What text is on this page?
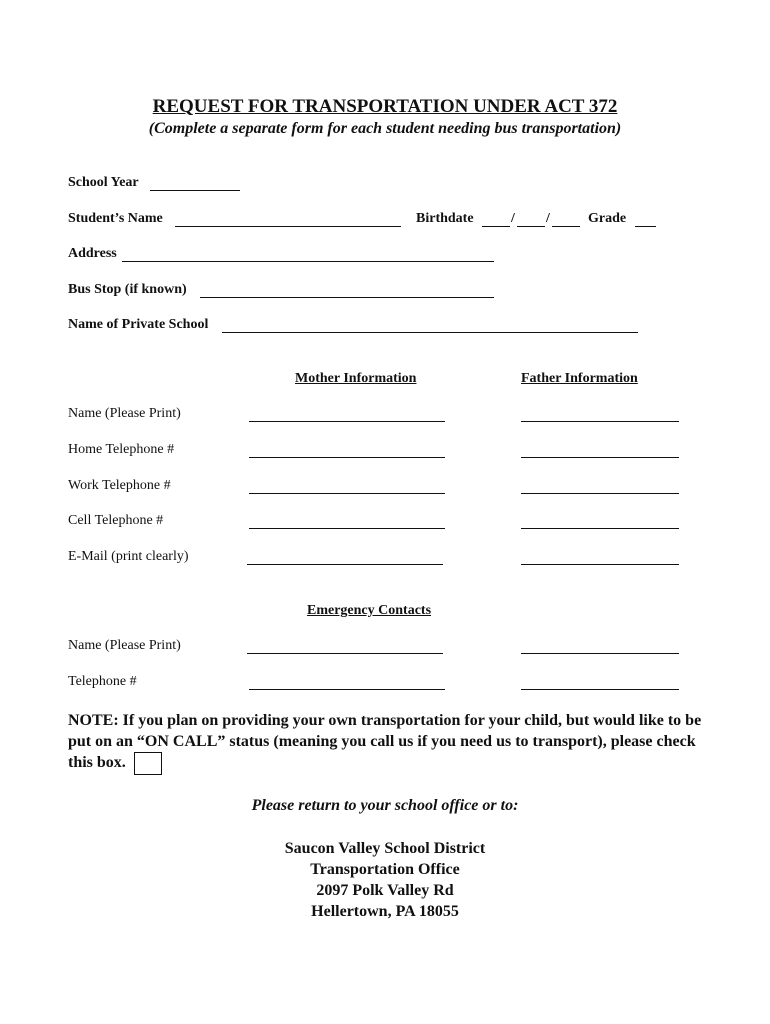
REQUEST FOR TRANSPORTATION UNDER ACT 372
(Complete a separate form for each student needing bus transportation)
School Year
Student’s Name	Birthdate	/ /	Grade
Address
Bus Stop (if known)
Name of Private School
Mother Information	Father Information
Name (Please Print)
Home Telephone #
Work Telephone #
Cell Telephone #
E-Mail (print clearly)
Emergency Contacts
Name (Please Print)
Telephone #
NOTE: If you plan on providing your own transportation for your child, but would like to be put on an “ON CALL” status (meaning you call us if you need us to transport), please check this box.
Please return to your school office or to:
Saucon Valley School District
Transportation Office
2097 Polk Valley Rd
Hellertown, PA 18055
